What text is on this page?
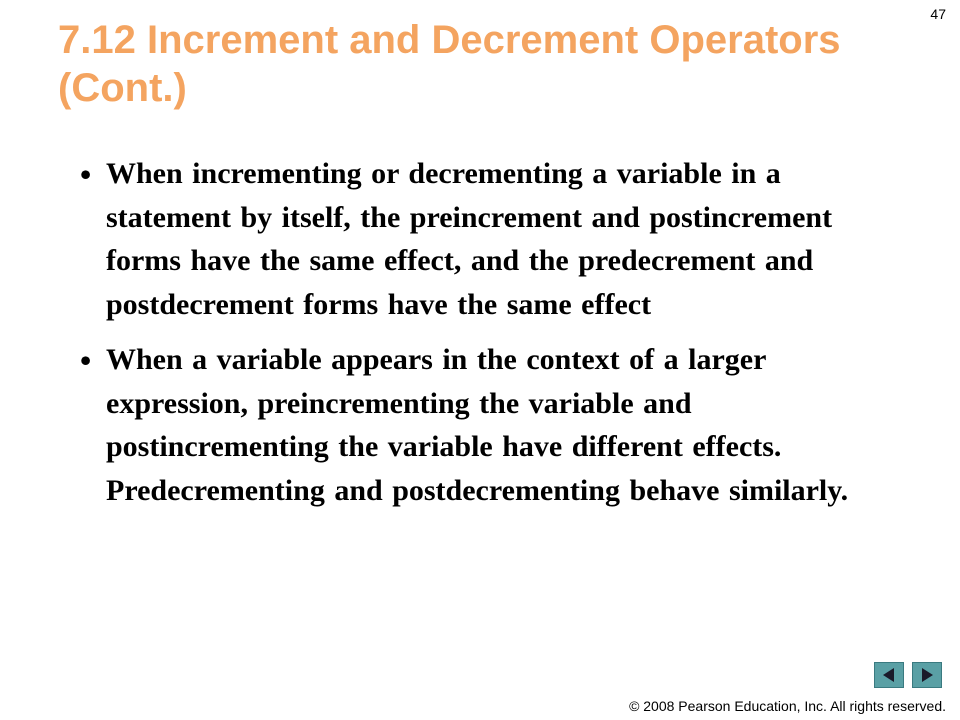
47
7.12 Increment and Decrement Operators (Cont.)
• When incrementing or decrementing a variable in a statement by itself, the preincrement and postincrement forms have the same effect, and the predecrement and postdecrement forms have the same effect
• When a variable appears in the context of a larger expression, preincrementing the variable and postincrementing the variable have different effects. Predecrementing and postdecrementing behave similarly.
© 2008 Pearson Education, Inc. All rights reserved.
